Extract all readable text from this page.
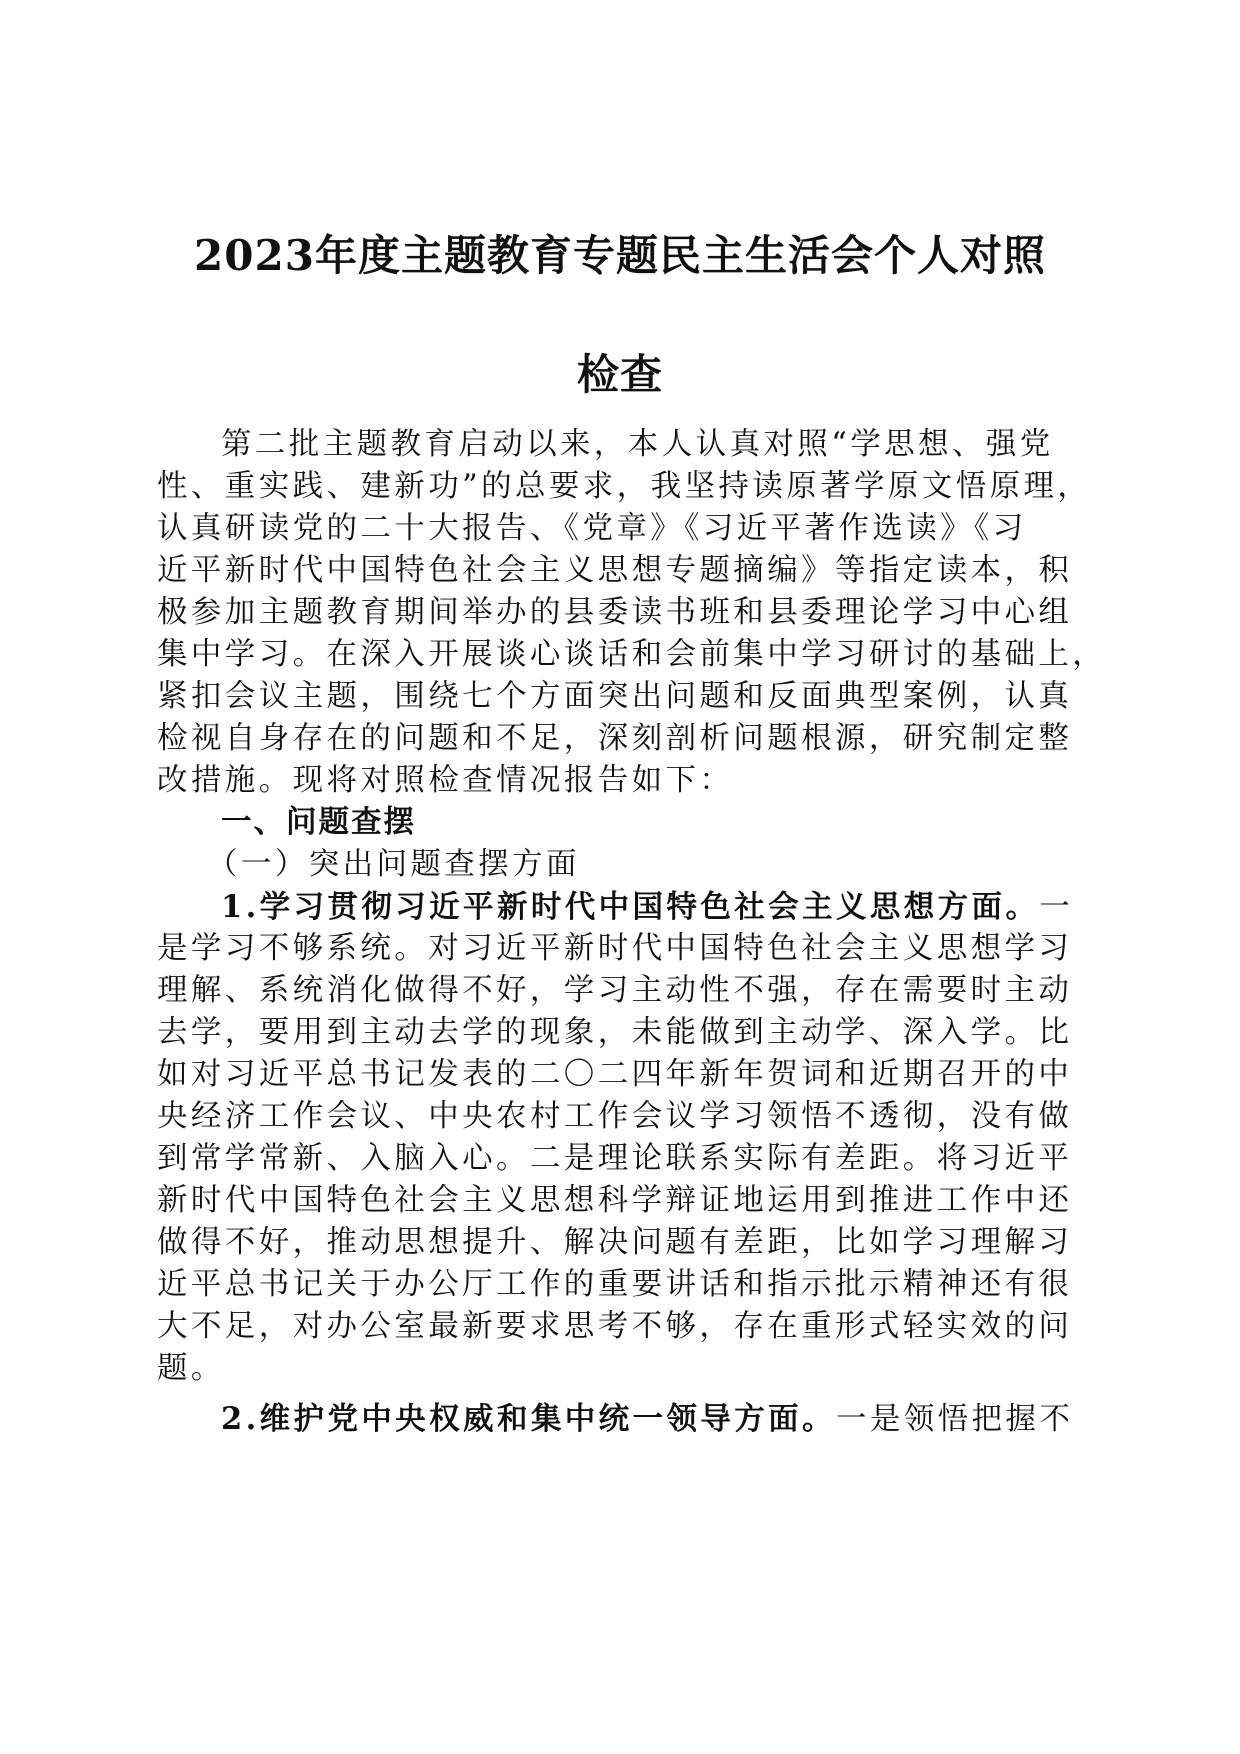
2023年度主题教育专题民主生活会个人对照
检查
第二批主题教育启动以来，本人认真对照“学思想、强党
性、重实践、建新功”的总要求，我坚持读原著学原文悟原理，
认真研读党的二十大报告、《党章》《习近平著作选读》《习
近平新时代中国特色社会主义思想专题摘编》等指定读本，积
极参加主题教育期间举办的县委读书班和县委理论学习中心组
集中学习。在深入开展谈心谈话和会前集中学习研讨的基础上，
紧扣会议主题，围绕七个方面突出问题和反面典型案例，认真
检视自身存在的问题和不足，深刻剖析问题根源，研究制定整
改措施。现将对照检查情况报告如下：
一、问题查摆
（一）突出问题查摆方面
1.学习贯彻习近平新时代中国特色社会主义思想方面。一
是学习不够系统。对习近平新时代中国特色社会主义思想学习
理解、系统消化做得不好，学习主动性不强，存在需要时主动
去学，要用到主动去学的现象，未能做到主动学、深入学。比
如对习近平总书记发表的二〇二四年新年贺词和近期召开的中
央经济工作会议、中央农村工作会议学习领悟不透彻，没有做
到常学常新、入脑入心。二是理论联系实际有差距。将习近平
新时代中国特色社会主义思想科学辩证地运用到推进工作中还
做得不好，推动思想提升、解决问题有差距，比如学习理解习
近平总书记关于办公厅工作的重要讲话和指示批示精神还有很
大不足，对办公室最新要求思考不够，存在重形式轻实效的问
题。
2.维护党中央权威和集中统一领导方面。一是领悟把握不
